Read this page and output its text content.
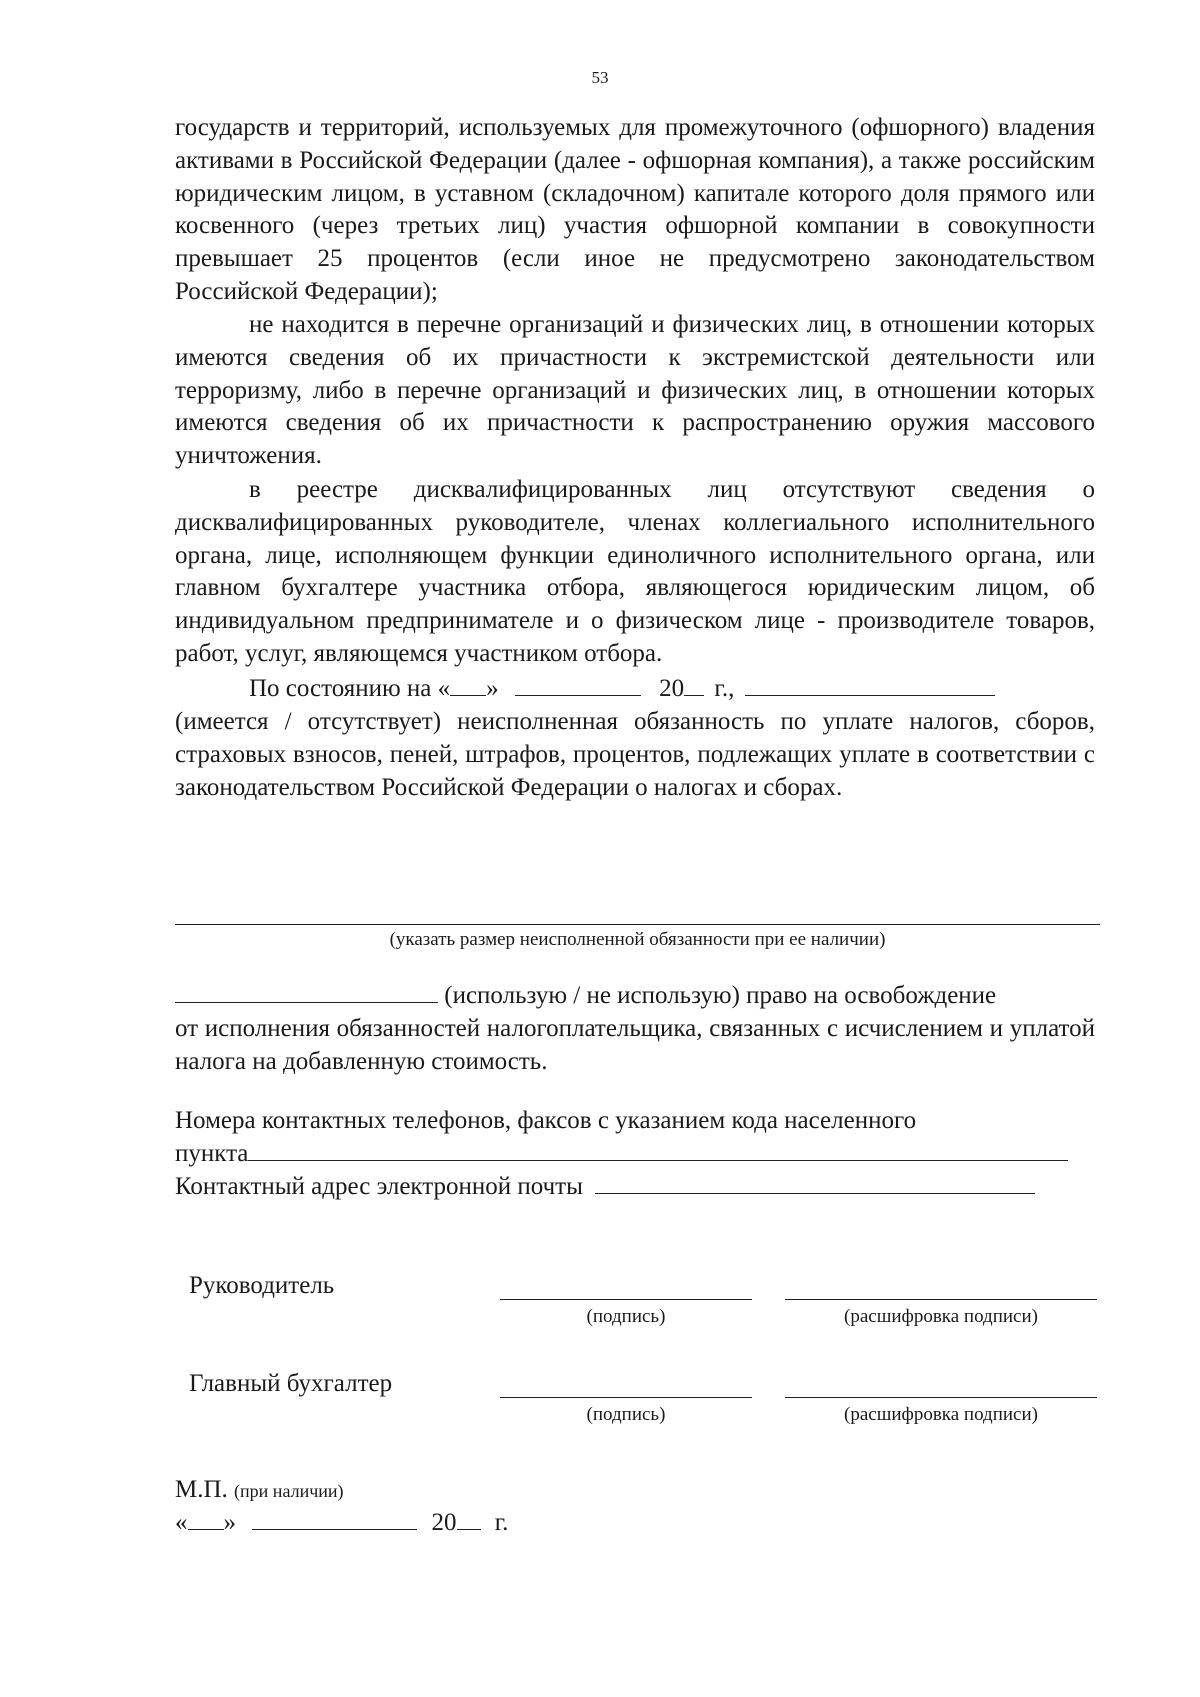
53
государств и территорий, используемых для промежуточного (офшорного) владения активами в Российской Федерации (далее - офшорная компания), а также российским юридическим лицом, в уставном (складочном) капитале которого доля прямого или косвенного (через третьих лиц) участия офшорной компании в совокупности превышает 25 процентов (если иное не предусмотрено законодательством Российской Федерации);
не находится в перечне организаций и физических лиц, в отношении которых имеются сведения об их причастности к экстремистской деятельности или терроризму, либо в перечне организаций и физических лиц, в отношении которых имеются сведения об их причастности к распространению оружия массового уничтожения.
в реестре дисквалифицированных лиц отсутствуют сведения о дисквалифицированных руководителе, членах коллегиального исполнительного органа, лице, исполняющем функции единоличного исполнительного органа, или главном бухгалтере участника отбора, являющегося юридическим лицом, об индивидуальном предпринимателе и о физическом лице - производителе товаров, работ, услуг, являющемся участником отбора.
По состоянию на « »	20 г.,
(имеется / отсутствует) неисполненная обязанность по уплате налогов, сборов, страховых взносов, пеней, штрафов, процентов, подлежащих уплате в соответствии с законодательством Российской Федерации о налогах и сборах.
(указать размер неисполненной обязанности при ее наличии)
(использую / не использую) право на освобождение
от исполнения обязанностей налогоплательщика, связанных с исчислением и уплатой налога на добавленную стоимость.
Номера контактных телефонов, факсов с указанием кода населенного
пункта
Контактный адрес электронной почты
Руководитель
(подпись)	(расшифровка подписи)
Главный бухгалтер
(подпись)	(расшифровка подписи)
М.П. (при наличии)
« »	20 г.
